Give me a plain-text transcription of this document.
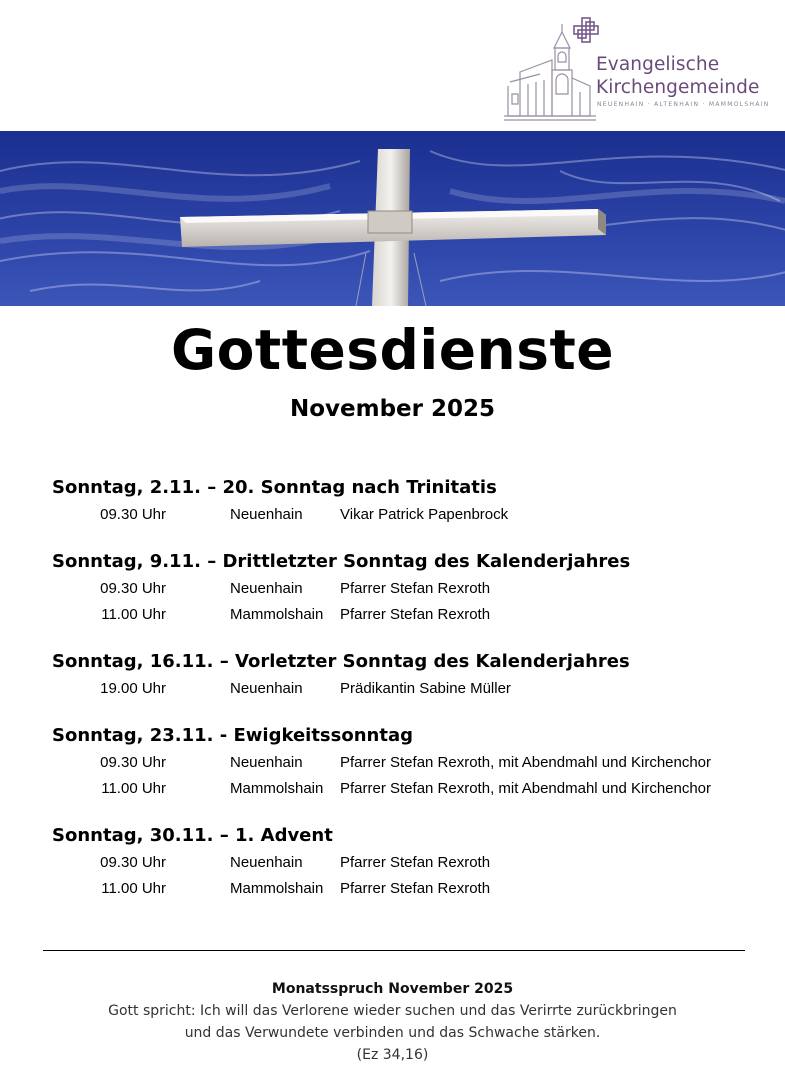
Evangelische
Kirchengemeinde
NEUENHAIN · ALTENHAIN · MAMMOLSHAIN
Gottesdienste
November 2025
Sonntag, 2.11. – 20. Sonntag nach Trinitatis
09.30 Uhr	Neuenhain Vikar Patrick Papenbrock
Sonntag, 9.11. – Drittletzter Sonntag des Kalenderjahres
09.30 Uhr	Neuenhain Pfarrer Stefan Rexroth
11.00 Uhr	Mammolshain Pfarrer Stefan Rexroth
Sonntag, 16.11. – Vorletzter Sonntag des Kalenderjahres
19.00 Uhr	Neuenhain Prädikantin Sabine Müller
Sonntag, 23.11. - Ewigkeitssonntag
09.30 Uhr	Neuenhain Pfarrer Stefan Rexroth, mit Abendmahl und Kirchenchor
11.00 Uhr	Mammolshain Pfarrer Stefan Rexroth, mit Abendmahl und Kirchenchor
Sonntag, 30.11. – 1. Advent
09.30 Uhr	Neuenhain Pfarrer Stefan Rexroth
11.00 Uhr	Mammolshain Pfarrer Stefan Rexroth
Monatsspruch November 2025
Gott spricht: Ich will das Verlorene wieder suchen und das Verirrte zurückbringen
und das Verwundete verbinden und das Schwache stärken.
(Ez 34,16)
